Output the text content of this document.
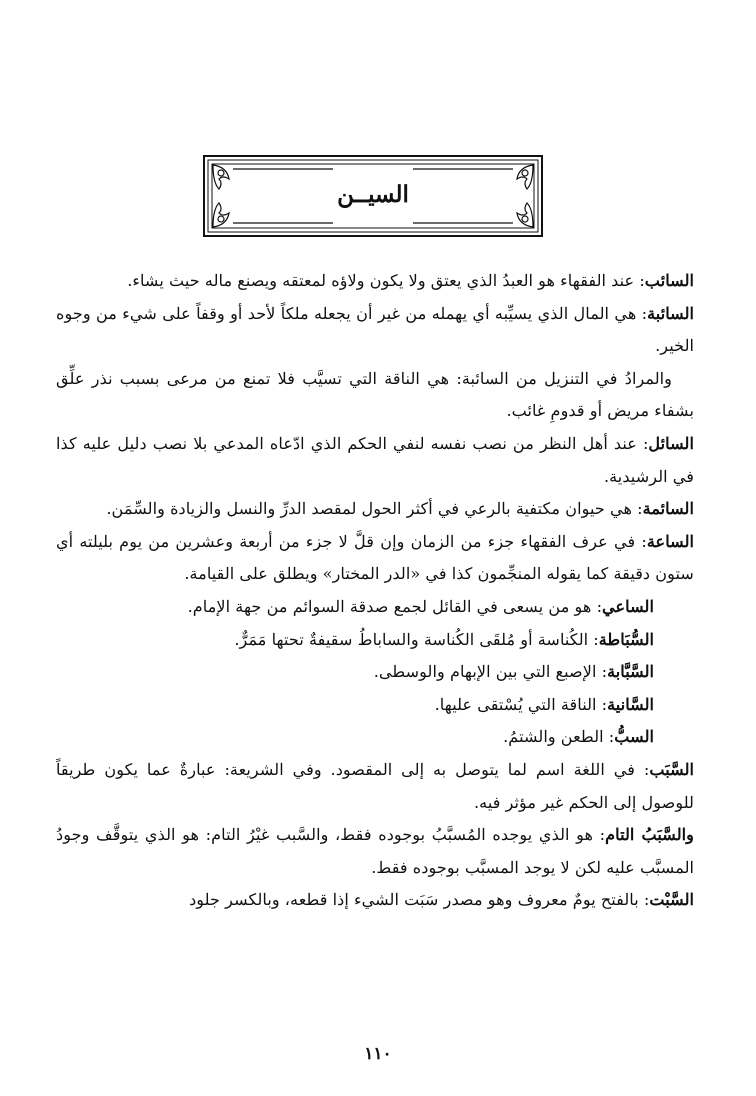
السيــن

السائب: عند الفقهاء هو العبدُ الذي يعتق ولا يكون ولاؤه لمعتقه ويصنع ماله حيث يشاء.

السائبة: هي المال الذي يسيِّبه أي يهمله من غير أن يجعله ملكاً لأحد أو وقفاً على شيء من وجوه الخير.

والمرادُ في التنزيل من السائبة: هي الناقة التي تسيَّب فلا تمنع من مرعى بسبب نذر علِّق بشفاء مريض أو قدومِ غائب.

السائل: عند أهل النظر من نصب نفسه لنفي الحكم الذي ادّعاه المدعي بلا نصب دليل عليه كذا في الرشيدية.

السائمة: هي حيوان مكتفية بالرعي في أكثر الحول لمقصد الدرِّ والنسل والزيادة والسِّمَن.

الساعة: في عرف الفقهاء جزء من الزمان وإن قلَّ لا جزء من أربعة وعشرين من يوم بليلته أي ستون دقيقة كما يقوله المنجِّمون كذا في «الدر المختار» ويطلق على القيامة.

الساعي: هو من يسعى في القائل لجمع صدقة السوائم من جهة الإمام.

السُّبَاطة: الكُناسة أو مُلقَى الكُناسة والساباطُ سقيفةٌ تحتها مَمَرٌّ.

السَّبَّابة: الإصبع التي بين الإبهام والوسطى.

السَّانية: الناقة التي يُسْتقى عليها.

السبُّ: الطعن والشتمُ.

السَّبَب: في اللغة اسم لما يتوصل به إلى المقصود. وفي الشريعة: عبارةٌ عما يكون طريقاً للوصول إلى الحكم غير مؤثر فيه.

والسَّبَبُ التام: هو الذي يوجده المُسبَّبُ بوجوده فقط، والسَّبب غيْرُ التام: هو الذي يتوقَّف وجودُ المسبَّب عليه لكن لا يوجد المسبَّب بوجوده فقط.

السَّبْت: بالفتح يومٌ معروف وهو مصدر سَبَت الشيء إذا قطعه، وبالكسر جلود

١١٠
